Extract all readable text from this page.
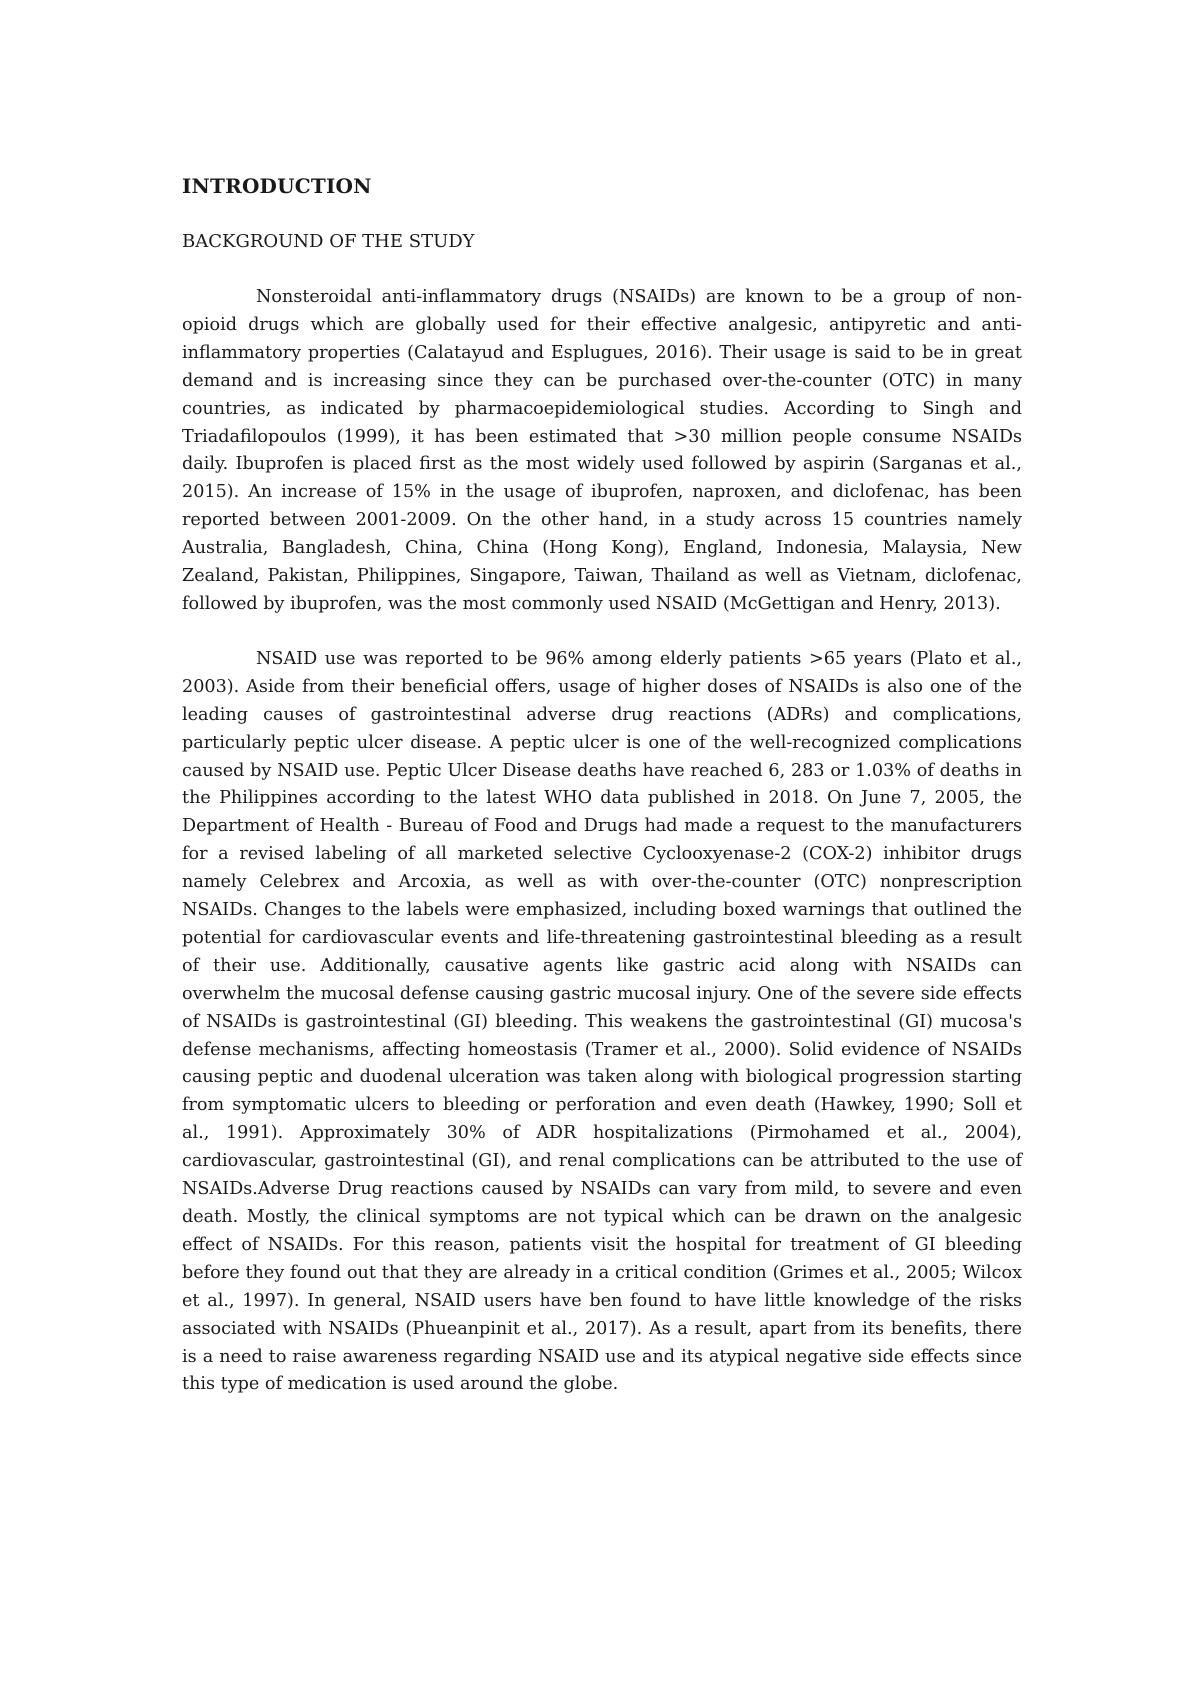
INTRODUCTION
BACKGROUND OF THE STUDY

Nonsteroidal anti-inflammatory drugs (NSAIDs) are known to be a group of non-opioid drugs which are globally used for their effective analgesic, antipyretic and anti-inflammatory properties (Calatayud and Esplugues, 2016). Their usage is said to be in great demand and is increasing since they can be purchased over-the-counter (OTC) in many countries, as indicated by pharmacoepidemiological studies. According to Singh and Triadafilopoulos (1999), it has been estimated that >30 million people consume NSAIDs daily. Ibuprofen is placed first as the most widely used followed by aspirin (Sarganas et al., 2015). An increase of 15% in the usage of ibuprofen, naproxen, and diclofenac, has been reported between 2001-2009. On the other hand, in a study across 15 countries namely Australia, Bangladesh, China, China (Hong Kong), England, Indonesia, Malaysia, New Zealand, Pakistan, Philippines, Singapore, Taiwan, Thailand as well as Vietnam, diclofenac, followed by ibuprofen, was the most commonly used NSAID (McGettigan and Henry, 2013).

NSAID use was reported to be 96% among elderly patients >65 years (Plato et al., 2003). Aside from their beneficial offers, usage of higher doses of NSAIDs is also one of the leading causes of gastrointestinal adverse drug reactions (ADRs) and complications, particularly peptic ulcer disease. A peptic ulcer is one of the well-recognized complications caused by NSAID use. Peptic Ulcer Disease deaths have reached 6, 283 or 1.03% of deaths in the Philippines according to the latest WHO data published in 2018. On June 7, 2005, the Department of Health - Bureau of Food and Drugs had made a request to the manufacturers for a revised labeling of all marketed selective Cyclooxyenase-2 (COX-2) inhibitor drugs namely Celebrex and Arcoxia, as well as with over-the-counter (OTC) nonprescription NSAIDs. Changes to the labels were emphasized, including boxed warnings that outlined the potential for cardiovascular events and life-threatening gastrointestinal bleeding as a result of their use. Additionally, causative agents like gastric acid along with NSAIDs can overwhelm the mucosal defense causing gastric mucosal injury. One of the severe side effects of NSAIDs is gastrointestinal (GI) bleeding. This weakens the gastrointestinal (GI) mucosa's defense mechanisms, affecting homeostasis (Tramer et al., 2000). Solid evidence of NSAIDs causing peptic and duodenal ulceration was taken along with biological progression starting from symptomatic ulcers to bleeding or perforation and even death (Hawkey, 1990; Soll et al., 1991). Approximately 30% of ADR hospitalizations (Pirmohamed et al., 2004), cardiovascular, gastrointestinal (GI), and renal complications can be attributed to the use of NSAIDs.Adverse Drug reactions caused by NSAIDs can vary from mild, to severe and even death. Mostly, the clinical symptoms are not typical which can be drawn on the analgesic effect of NSAIDs. For this reason, patients visit the hospital for treatment of GI bleeding before they found out that they are already in a critical condition (Grimes et al., 2005; Wilcox et al., 1997). In general, NSAID users have ben found to have little knowledge of the risks associated with NSAIDs (Phueanpinit et al., 2017). As a result, apart from its benefits, there is a need to raise awareness regarding NSAID use and its atypical negative side effects since this type of medication is used around the globe.
